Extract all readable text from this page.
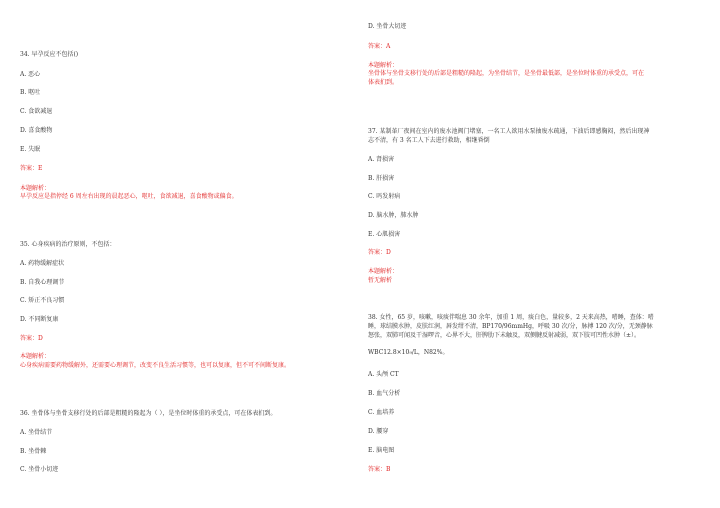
34. 早孕反应不包括()
A. 恶心
B. 呕吐
C. 食欲减退
D. 喜食酸物
E. 失眠
答案：E
本题解析：
早孕反应是指停经 6 周左右出现的晨起恶心，呕吐，食欲减退，喜食酸物或偏食。
35. 心身疾病的治疗原则，不包括：
A. 药物缓解症状
B. 自我心理调节
C. 矫正不良习惯
D. 不同断复康
答案：D
本题解析：
心身疾病需要药物缓解外，还需要心理调节，改变不良生活习惯等，也可以复康，但不可不间断复康。
36. 坐骨体与坐骨支移行处的后部是粗糙的隆起为（ ），是坐位时体重的承受点，可在体表扪到。
A. 坐骨结节
B. 坐骨棘
C. 坐骨小切迹
D. 坐骨大切迹
答案：A
本题解析：
坐骨体与坐骨支移行处的后部是粗糙的隆起，为坐骨结节，是坐骨最低部，是坐位时体重的承受点，可在
体表扪到。
37. 某制革厂夜间在室内的废水池阀门堵塞，一名工人欲用水泵抽废水疏通，下油后即感胸闷，然后出现神
志不清，有 3 名工人下去进行救助，相继昏倒
A. 肾损害
B. 肝损害
C. 吗发射病
D. 脑水肿，肺水肿
E. 心肌损害
答案：D
本题解析：
暂无解析
38. 女性，65 岁，咳嗽，咳痰伴喘息 30 余年，加重 1 周，痰白色，量较多，2 天来高热，嗜睡，查体：嗜
睡，球结膜水肿，皮肤红润，唇发绀不清，BP170/96mmHg，呼吸 30 次/分，脉搏 120 次/分，无颈静脉
怒张，双肺可闻及干湿啰音，心界不大，肝脾肋下未触及，双侧腱反射减弱，双下肢可凹性水肿（±）。
$WBC12.8\times 10^9/L$，N82%。
A. 头颅 CT
B. 血气分析
C. 血培养
D. 腰穿
E. 脑电图
答案：B
